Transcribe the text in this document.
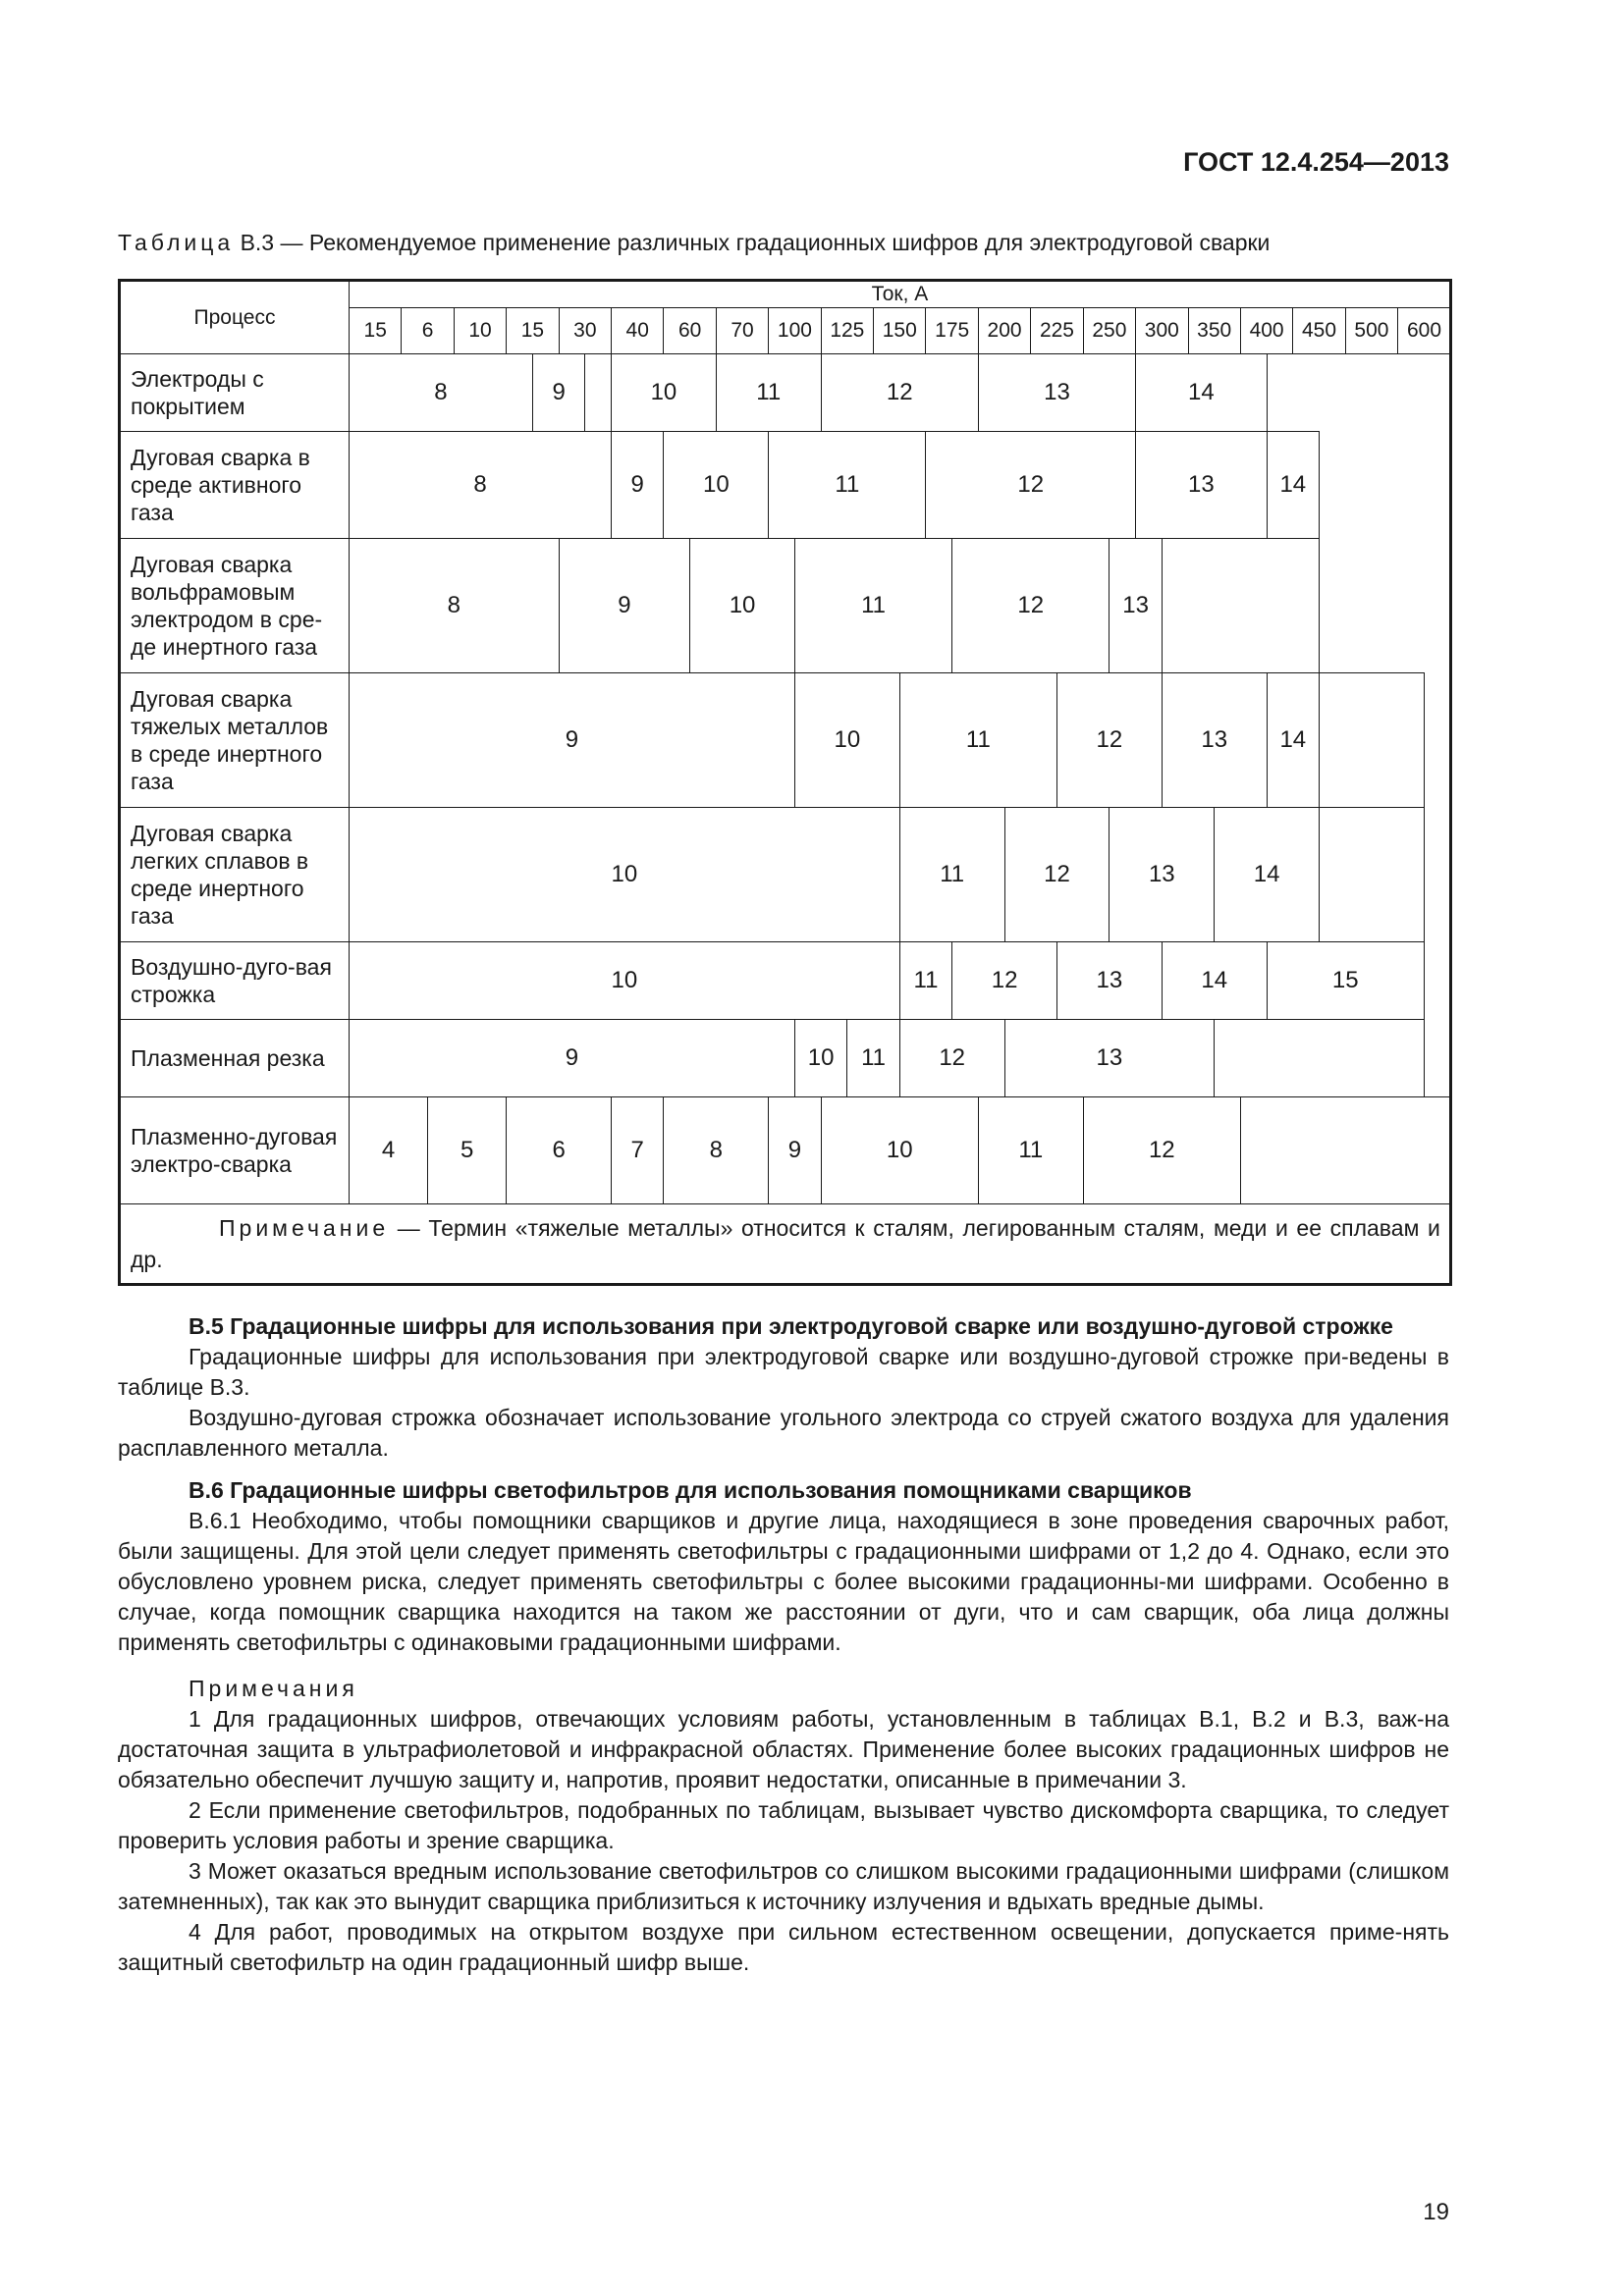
ГОСТ 12.4.254—2013
Таблица В.3 — Рекомендуемое применение различных градационных шифров для электродуговой сварки
Процесс	Ток, А																																			
	15	6		10	15		30		40	60		70	100		125		150		175		200		225		250		300		350		400		450		500	600
Электроды с покрытием	8					9			10			11			12						13						14									
Дуговая сварка в среде активного газа	8								9	10			11						12								13					14				
Дуговая сварка вольфрамовым электродом в сре-де инертного газа	8						9				10			11						12						13										
Дуговая сварка тяжелых металлов в среде инертного газа	9													10				11						12				13				14				
Дуговая сварка легких сплавов в среде инертного газа	10																	11				12				13				14						
Воздушно-дуго-вая строжка	10																	11		12				13				14				15				
Плазменная резка	9													10		11		12				13														
Плазменно-дуговая электро-сварка	4		5		6				7	8			9		10						11				12											
Примечание — Термин «тяжелые металлы» относится к сталям, легированным сталям, меди и ее сплавам и др.																																				

В.5 Градационные шифры для использования при электродуговой сварке или воздушно-дуговой строжке

Градационные шифры для использования при электродуговой сварке или воздушно-дуговой строжке при-ведены в таблице В.3.

Воздушно-дуговая строжка обозначает использование угольного электрода со струей сжатого воздуха для удаления расплавленного металла.

В.6 Градационные шифры светофильтров для использования помощниками сварщиков

В.6.1 Необходимо, чтобы помощники сварщиков и другие лица, находящиеся в зоне проведения сварочных работ, были защищены. Для этой цели следует применять светофильтры с градационными шифрами от 1,2 до 4. Однако, если это обусловлено уровнем риска, следует применять светофильтры с более высокими градационны-ми шифрами. Особенно в случае, когда помощник сварщика находится на таком же расстоянии от дуги, что и сам сварщик, оба лица должны применять светофильтры с одинаковыми градационными шифрами.

Примечания

1 Для градационных шифров, отвечающих условиям работы, установленным в таблицах В.1, В.2 и В.3, важ-на достаточная защита в ультрафиолетовой и инфракрасной областях. Применение более высоких градационных шифров не обязательно обеспечит лучшую защиту и, напротив, проявит недостатки, описанные в примечании 3.

2 Если применение светофильтров, подобранных по таблицам, вызывает чувство дискомфорта сварщика, то следует проверить условия работы и зрение сварщика.

3 Может оказаться вредным использование светофильтров со слишком высокими градационными шифрами (слишком затемненных), так как это вынудит сварщика приблизиться к источнику излучения и вдыхать вредные дымы.

4 Для работ, проводимых на открытом воздухе при сильном естественном освещении, допускается приме-нять защитный светофильтр на один градационный шифр выше.

19
